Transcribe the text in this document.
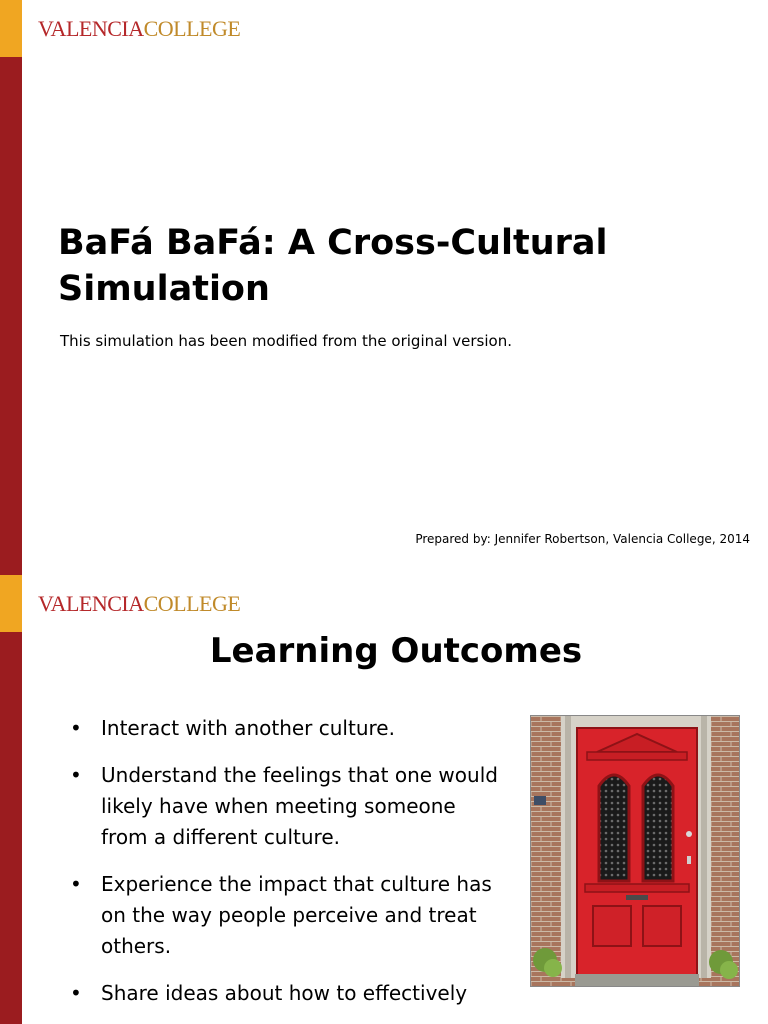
VALENCIACOLLEGE
BaFá BaFá: A Cross-Cultural
Simulation
This simulation has been modified from the original version.
Prepared by: Jennifer Robertson, Valencia College, 2014
VALENCIACOLLEGE
Learning Outcomes
• Interact with another culture.
• Understand the feelings that one would likely have when meeting someone from a different culture.
• Experience the impact that culture has on the way people perceive and treat others.
• Share ideas about how to effectively
